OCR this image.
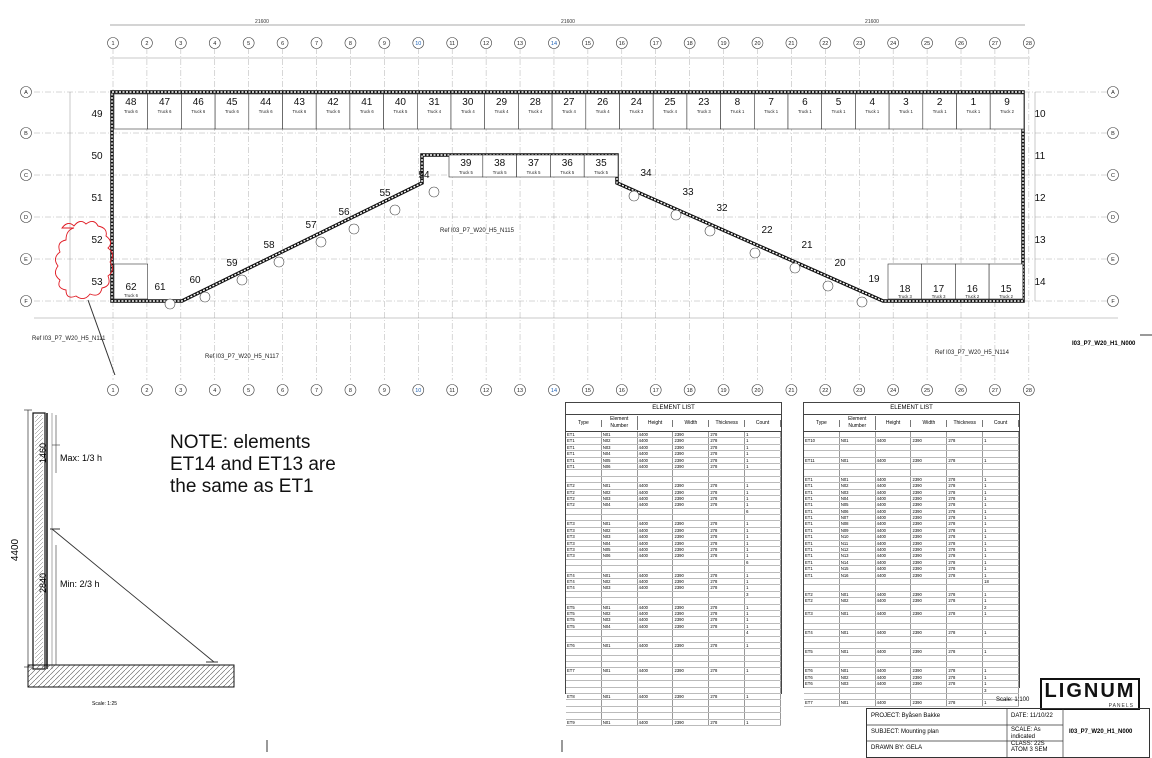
21600	21600	21600
1	2	3	4	5	6	7	8	9	10	11	12	13	14	15	16	17	18	19	20	21	22	23	24	25	26	27	28
1	2	3	4	5	6	7	8	9	10	11	12	13	14	15	16	17	18	19	20	21	22	23	24	25	26	27	28
A	A
B	B
C	C
D	D
E	E
F	F
48
Truck 6
47
Truck 6
46
Truck 6
45
Truck 6
44
Truck 6
43
Truck 6
42
Truck 6
41
Truck 6
40
Truck 5
31
Truck 4
30
Truck 4
29
Truck 4
28
Truck 4
27
Truck 4
26
Truck 4
24
Truck 3
25
Truck 4
23
Truck 3
8
Truck 1
7
Truck 1
6
Truck 1
5
Truck 1
4
Truck 1
3
Truck 1
2
Truck 1
1
Truck 1
9
Truck 2
39
Truck 5
38
Truck 5
37
Truck 5
36
Truck 5
35
Truck 5
49
50
51
52
53
10
11
12
13
14
62
Truck 6
18
Truck 3
17
Truck 3
16
Truck 2
15
Truck 2
61
60
59
58
57
56
55
54	34
33
32
22
21
20
19
Ref I03_P7_W20_H5_N111
Ref I03_P7_W20_H5_N117
Ref I03_P7_W20_H5_N115
Ref I03_P7_W20_H5_N114
I03_P7_W20_H1_N000
4400
1460
2840
Max: 1/3 h
Min: 2/3 h
Scale: 1:25
NOTE: elements ET14 and ET13 are the same as ET1
ELEMENT LIST
Type
Element Number
Height	Width	Thickness	Count
ET1	N01	4400	2390	278	1
ET1	N02	4400	2390	278	1
ET1	N03	4400	2390	278	1
ET1	N04	4400	2390	278	1
ET1	N05	4400	2390	278	1
ET1	N06	4400	2390	278	1
ET2	N01	4400	2390	278	1
ET2	N02	4400	2390	278	1
ET2	N03	4400	2390	278	1
ET2	N04	4400	2390	278	1
6
ET3	N01	4400	2390	278	1
ET3	N02	4400	2390	278	1
ET3	N03	4400	2390	278	1
ET3	N04	4400	2390	278	1
ET3	N05	4400	2390	278	1
ET3	N06	4400	2390	278	1
6
ET4	N01	4400	2390	278	1
ET4	N02	4400	2390	278	1
ET4	N03	4400	2390	278	1
3
ET5	N01	4400	2390	278	1
ET5	N02	4400	2390	278	1
ET5	N03	4400	2390	278	1
ET5	N04	4400	2390	278	1
4
ET6	N01	4400	2390	278	1
ET7	N01	4400	2390	278	1
ET8	N01	4400	2390	278	1
ET9	N01	4400	2390	278	1
ELEMENT LIST
Type
Element Number
Height	Width	Thickness	Count
ET10	N01	4400	2390	278	1
ET11	N01	4400	2390	278	1
ET1	N01	4400	2390	278	1
ET1	N02	4400	2390	278	1
ET1	N03	4400	2390	278	1
ET1	N04	4400	2390	278	1
ET1	N05	4400	2390	278	1
ET1	N06	4400	2390	278	1
ET1	N07	4400	2390	278	1
ET1	N08	4400	2390	278	1
ET1	N09	4400	2390	278	1
ET1	N10	4400	2390	278	1
ET1	N11	4400	2390	278	1
ET1	N12	4400	2390	278	1
ET1	N13	4400	2390	278	1
ET1	N14	4400	2390	278	1
ET1	N15	4400	2390	278	1
ET1	N16	4400	2390	278	1
18
ET2	N01	4400	2390	278	1
ET2	N02	4400	2390	278	1
2
ET3	N01	4400	2390	278	1
ET4	N01	4400	2390	278	1
ET5	N01	4400	2390	278	1
ET6	N01	4400	2390	278	1
ET6	N02	4400	2390	278	1
ET6	N03	4400	2390	278	1
3
ET7	N01	4400	2390	278	1	Scale: 1:100 LIGNUM
PANELS
PROJECT: Byåsen Bakke
SUBJECT: Mounting plan
DRAWN BY: GELA
DATE: 11/10/22
SCALE: As indicated
CLASS: 22S ATOM 3 SEM
I03_P7_W20_H1_N000
